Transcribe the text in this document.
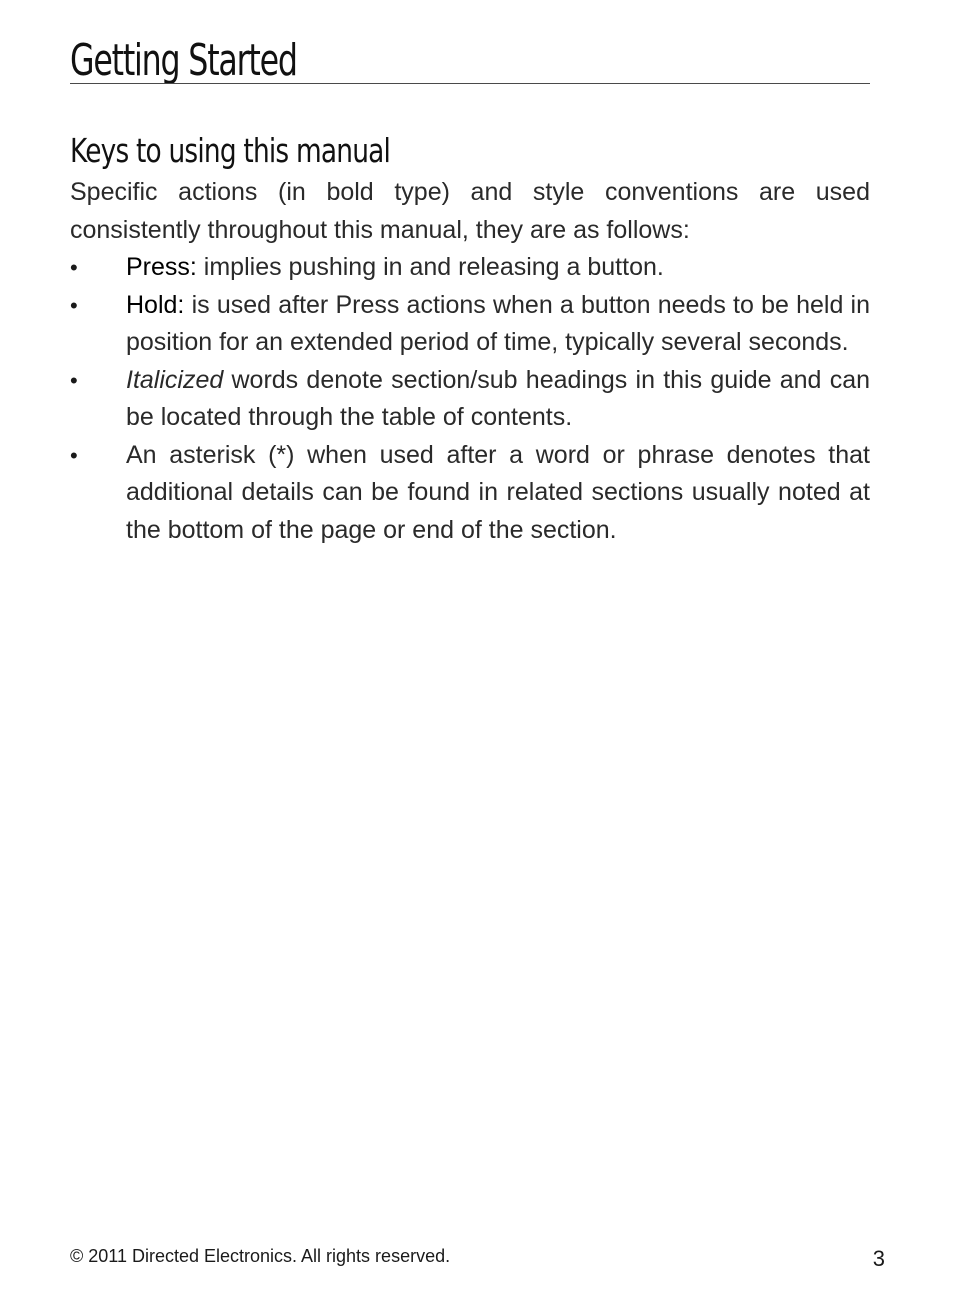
Getting Started
Keys to using this manual

Specific actions (in bold type) and style conventions are used consistently throughout this manual, they are as follows:

• Press: implies pushing in and releasing a button.
• Hold: is used after Press actions when a button needs to be held in position for an extended period of time, typically several seconds.
• Italicized words denote section/sub headings in this guide and can be located through the table of contents.
• An asterisk (*) when used after a word or phrase denotes that additional details can be found in related sections usually noted at the bottom of the page or end of the section.
© 2011 Directed Electronics. All rights reserved.	3
